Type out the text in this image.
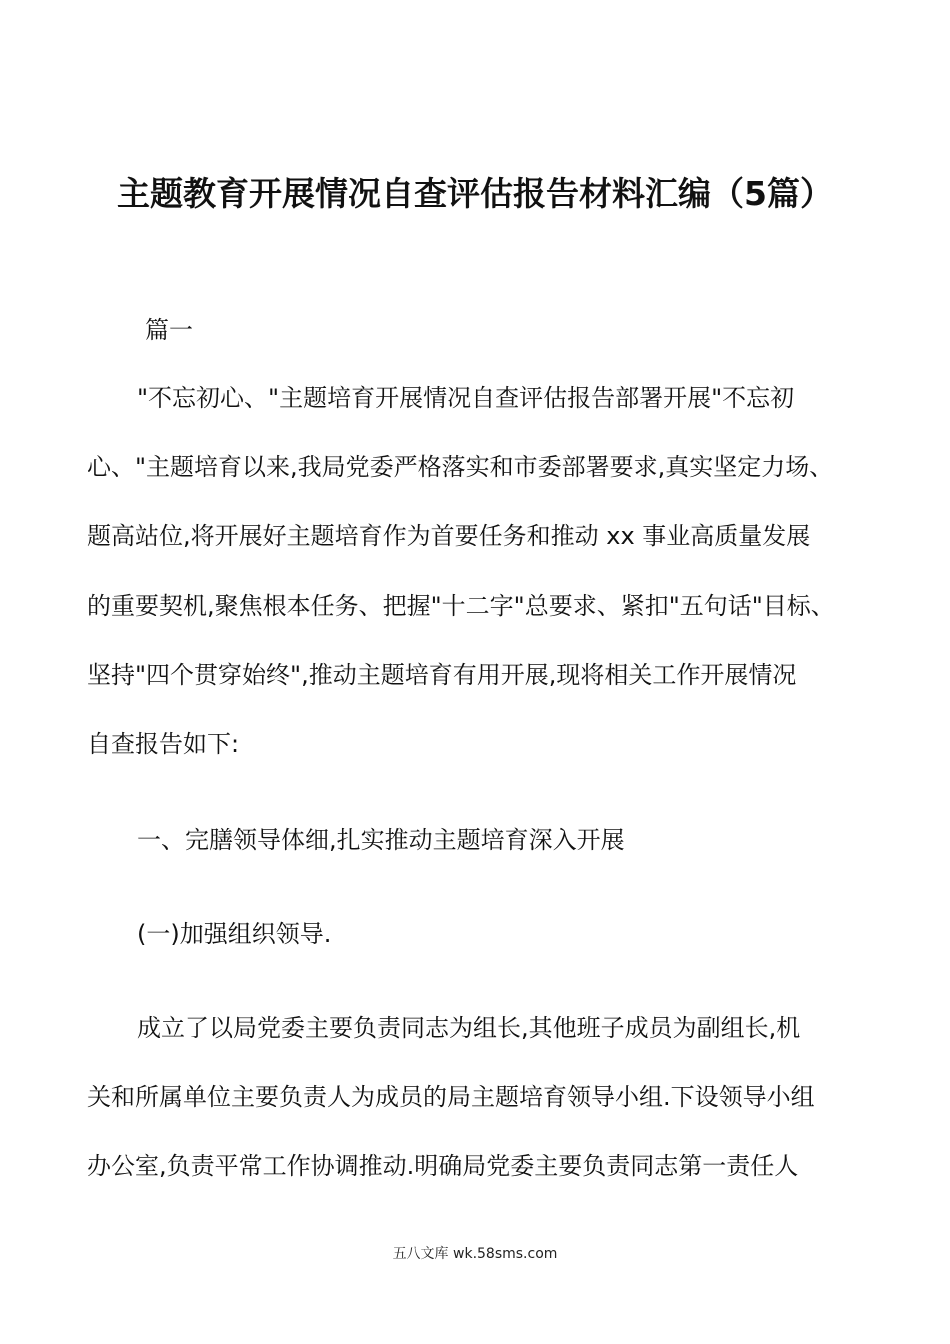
主题教育开展情况自查评估报告材料汇编（5篇）
篇一
"不忘初心、"主题培育开展情况自查评估报告部署开展"不忘初
心、"主题培育以来,我局党委严格落实和市委部署要求,真实坚定力场、
题高站位,将开展好主题培育作为首要任务和推动 xx 事业高质量发展
的重要契机,聚焦根本任务、把握"十二字"总要求、紧扣"五句话"目标、
坚持"四个贯穿始终",推动主题培育有用开展,现将相关工作开展情况
自查报告如下:
一、完膳领导体细,扎实推动主题培育深入开展
(一)加强组织领导.
成立了以局党委主要负责同志为组长,其他班子成员为副组长,机
关和所属单位主要负责人为成员的局主题培育领导小组.下设领导小组
办公室,负责平常工作协调推动.明确局党委主要负责同志第一责任人
五八文库 wk.58sms.com
